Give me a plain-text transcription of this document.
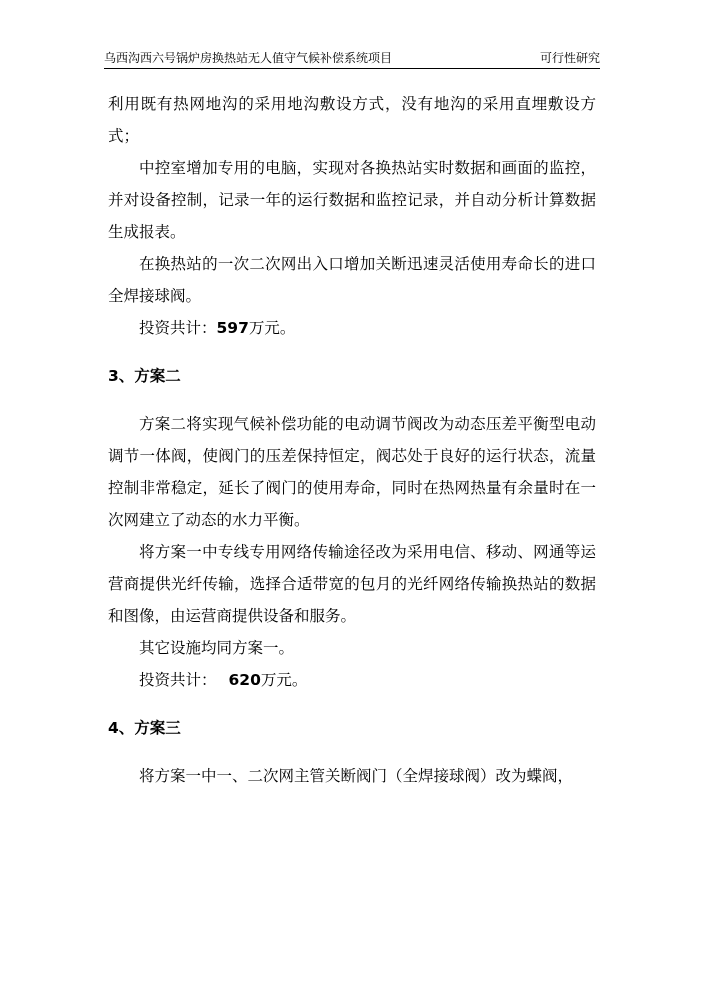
乌西沟西六号锅炉房换热站无人值守气候补偿系统项目	可行性研究

利用既有热网地沟的采用地沟敷设方式，没有地沟的采用直埋敷设方式；

中控室增加专用的电脑，实现对各换热站实时数据和画面的监控，并对设备控制，记录一年的运行数据和监控记录，并自动分析计算数据生成报表。

在换热站的一次二次网出入口增加关断迅速灵活使用寿命长的进口全焊接球阀。

投资共计：597万元。

3、方案二

方案二将实现气候补偿功能的电动调节阀改为动态压差平衡型电动调节一体阀，使阀门的压差保持恒定，阀芯处于良好的运行状态，流量控制非常稳定，延长了阀门的使用寿命，同时在热网热量有余量时在一次网建立了动态的水力平衡。

将方案一中专线专用网络传输途径改为采用电信、移动、网通等运营商提供光纤传输，选择合适带宽的包月的光纤网络传输换热站的数据和图像，由运营商提供设备和服务。

其它设施均同方案一。

投资共计： 620万元。

4、方案三

将方案一中一、二次网主管关断阀门（全焊接球阀）改为蝶阀，
